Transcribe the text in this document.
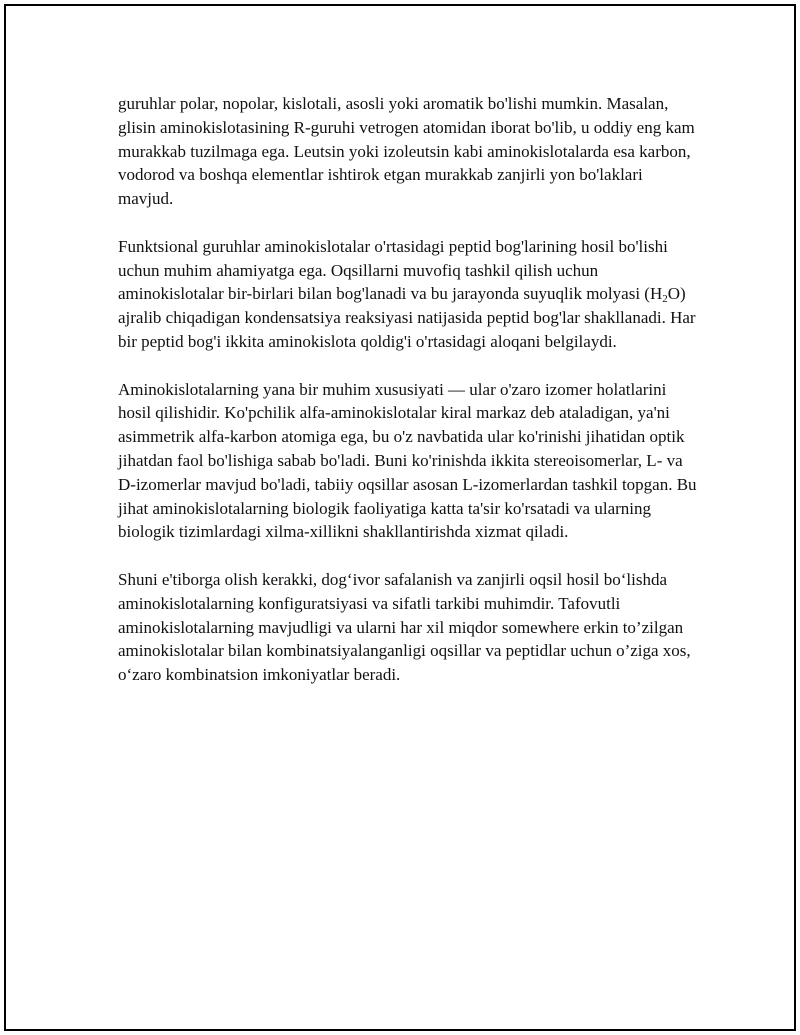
guruhlar polar, nopolar, kislotali, asosli yoki aromatik bo'lishi mumkin. Masalan, glisin aminokislotasining R-guruhi vetrogen atomidan iborat bo'lib, u oddiy eng kam murakkab tuzilmaga ega. Leutsin yoki izoleutsin kabi aminokislotalarda esa karbon, vodorod va boshqa elementlar ishtirok etgan murakkab zanjirli yon bo'laklari mavjud.

Funktsional guruhlar aminokislotalar o'rtasidagi peptid bog'larining hosil bo'lishi uchun muhim ahamiyatga ega. Oqsillarni muvofiq tashkil qilish uchun aminokislotalar bir-birlari bilan bog'lanadi va bu jarayonda suyuqlik molyasi $(H_2O)$ ajralib chiqadigan kondensatsiya reaksiyasi natijasida peptid bog'lar shakllanadi. Har bir peptid bog'i ikkita aminokislota qoldig'i o'rtasidagi aloqani belgilaydi.

Aminokislotalarning yana bir muhim xususiyati — ular o'zaro izomer holatlarini hosil qilishidir. Ko'pchilik alfa-aminokislotalar kiral markaz deb ataladigan, ya'ni asimmetrik alfa-karbon atomiga ega, bu o'z navbatida ular ko'rinishi jihatidan optik jihatdan faol bo'lishiga sabab bo'ladi. Buni ko'rinishda ikkita stereoisomerlar, L- va D-izomerlar mavjud bo'ladi, tabiiy oqsillar asosan L-izomerlardan tashkil topgan. Bu jihat aminokislotalarning biologik faoliyatiga katta ta'sir ko'rsatadi va ularning biologik tizimlardagi xilma-xillikni shakllantirishda xizmat qiladi.

Shuni e'tiborga olish kerakki, dog‘ivor safalanish va zanjirli oqsil hosil bo‘lishda aminokislotalarning konfiguratsiyasi va sifatli tarkibi muhimdir. Tafovutli aminokislotalarning mavjudligi va ularni har xil miqdor somewhere erkin to’zilgan aminokislotalar bilan kombinatsiyalanganligi oqsillar va peptidlar uchun o’ziga xos, o‘zaro kombinatsion imkoniyatlar beradi.
